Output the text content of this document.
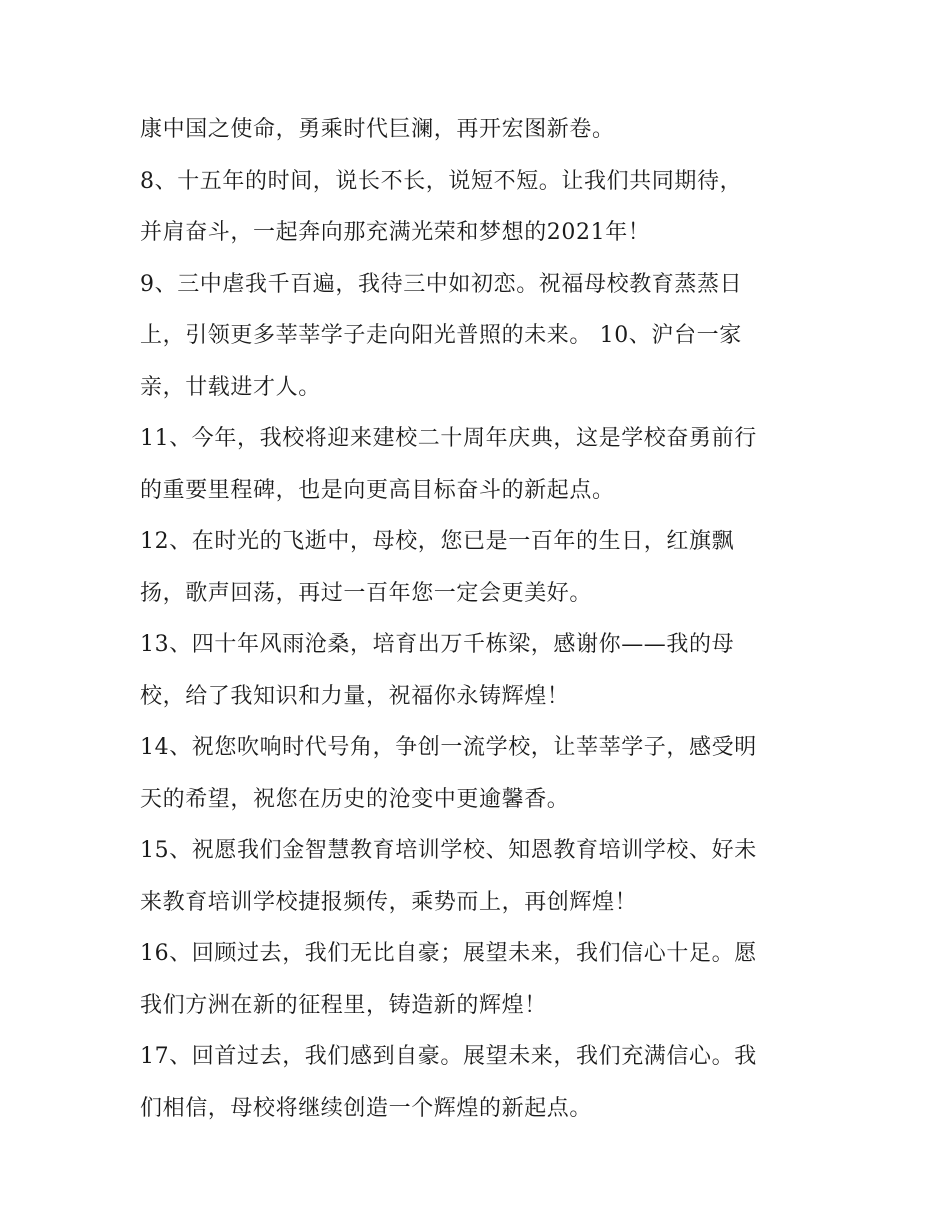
康中国之使命，勇乘时代巨澜，再开宏图新卷。
8、十五年的时间，说长不长，说短不短。让我们共同期待，
并肩奋斗，一起奔向那充满光荣和梦想的2021年！
9、三中虐我千百遍，我待三中如初恋。祝福母校教育蒸蒸日
上，引领更多莘莘学子走向阳光普照的未来。 10、沪台一家
亲，廿载进才人。
11、今年，我校将迎来建校二十周年庆典，这是学校奋勇前行
的重要里程碑，也是向更高目标奋斗的新起点。
12、在时光的飞逝中，母校，您已是一百年的生日，红旗飘
扬，歌声回荡，再过一百年您一定会更美好。
13、四十年风雨沧桑，培育出万千栋梁，感谢你——我的母
校，给了我知识和力量，祝福你永铸辉煌！
14、祝您吹响时代号角，争创一流学校，让莘莘学子，感受明
天的希望，祝您在历史的沧变中更逾馨香。
15、祝愿我们金智慧教育培训学校、知恩教育培训学校、好未
来教育培训学校捷报频传，乘势而上，再创辉煌！
16、回顾过去，我们无比自豪；展望未来，我们信心十足。愿
我们方洲在新的征程里，铸造新的辉煌！
17、回首过去，我们感到自豪。展望未来，我们充满信心。我
们相信，母校将继续创造一个辉煌的新起点。
